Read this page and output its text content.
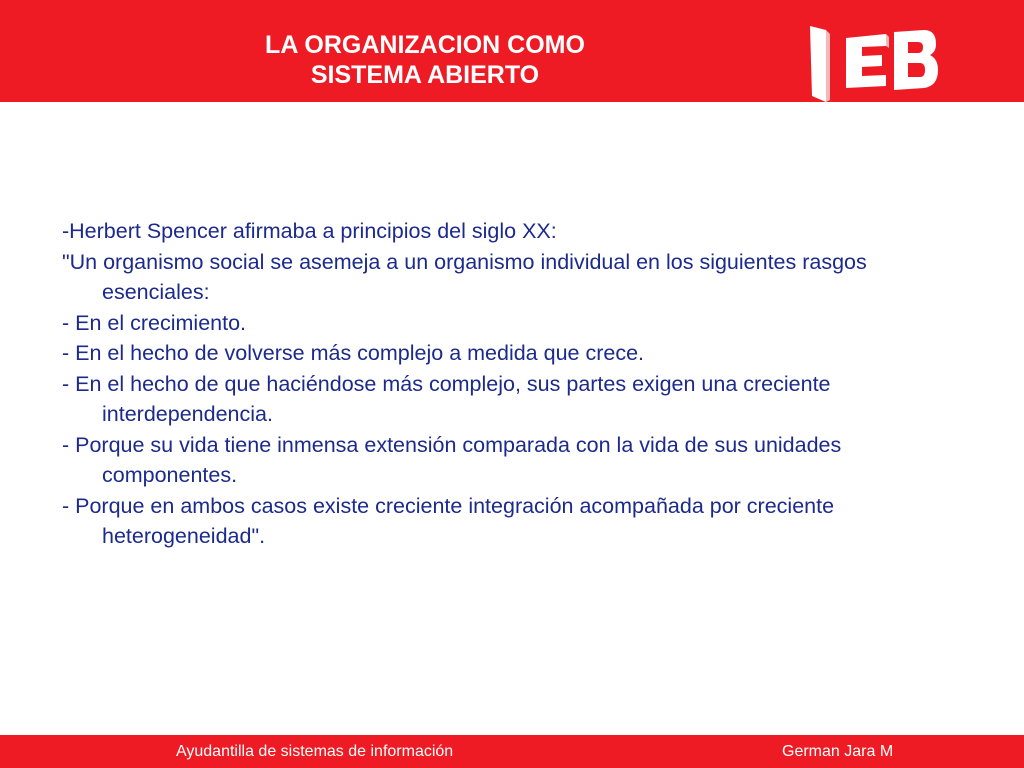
LA ORGANIZACION COMO
SISTEMA ABIERTO

-Herbert Spencer afirmaba a principios del siglo XX:

"Un organismo social se asemeja a un organismo individual en los siguientes rasgos esenciales:

- En el crecimiento.

- En el hecho de volverse más complejo a medida que crece.

- En el hecho de que haciéndose más complejo, sus partes exigen una creciente interdependencia.

- Porque su vida tiene inmensa extensión comparada con la vida de sus unidades componentes.

- Porque en ambos casos existe creciente integración acompañada por creciente heterogeneidad".

Ayudantilla de sistemas de información	German Jara M
